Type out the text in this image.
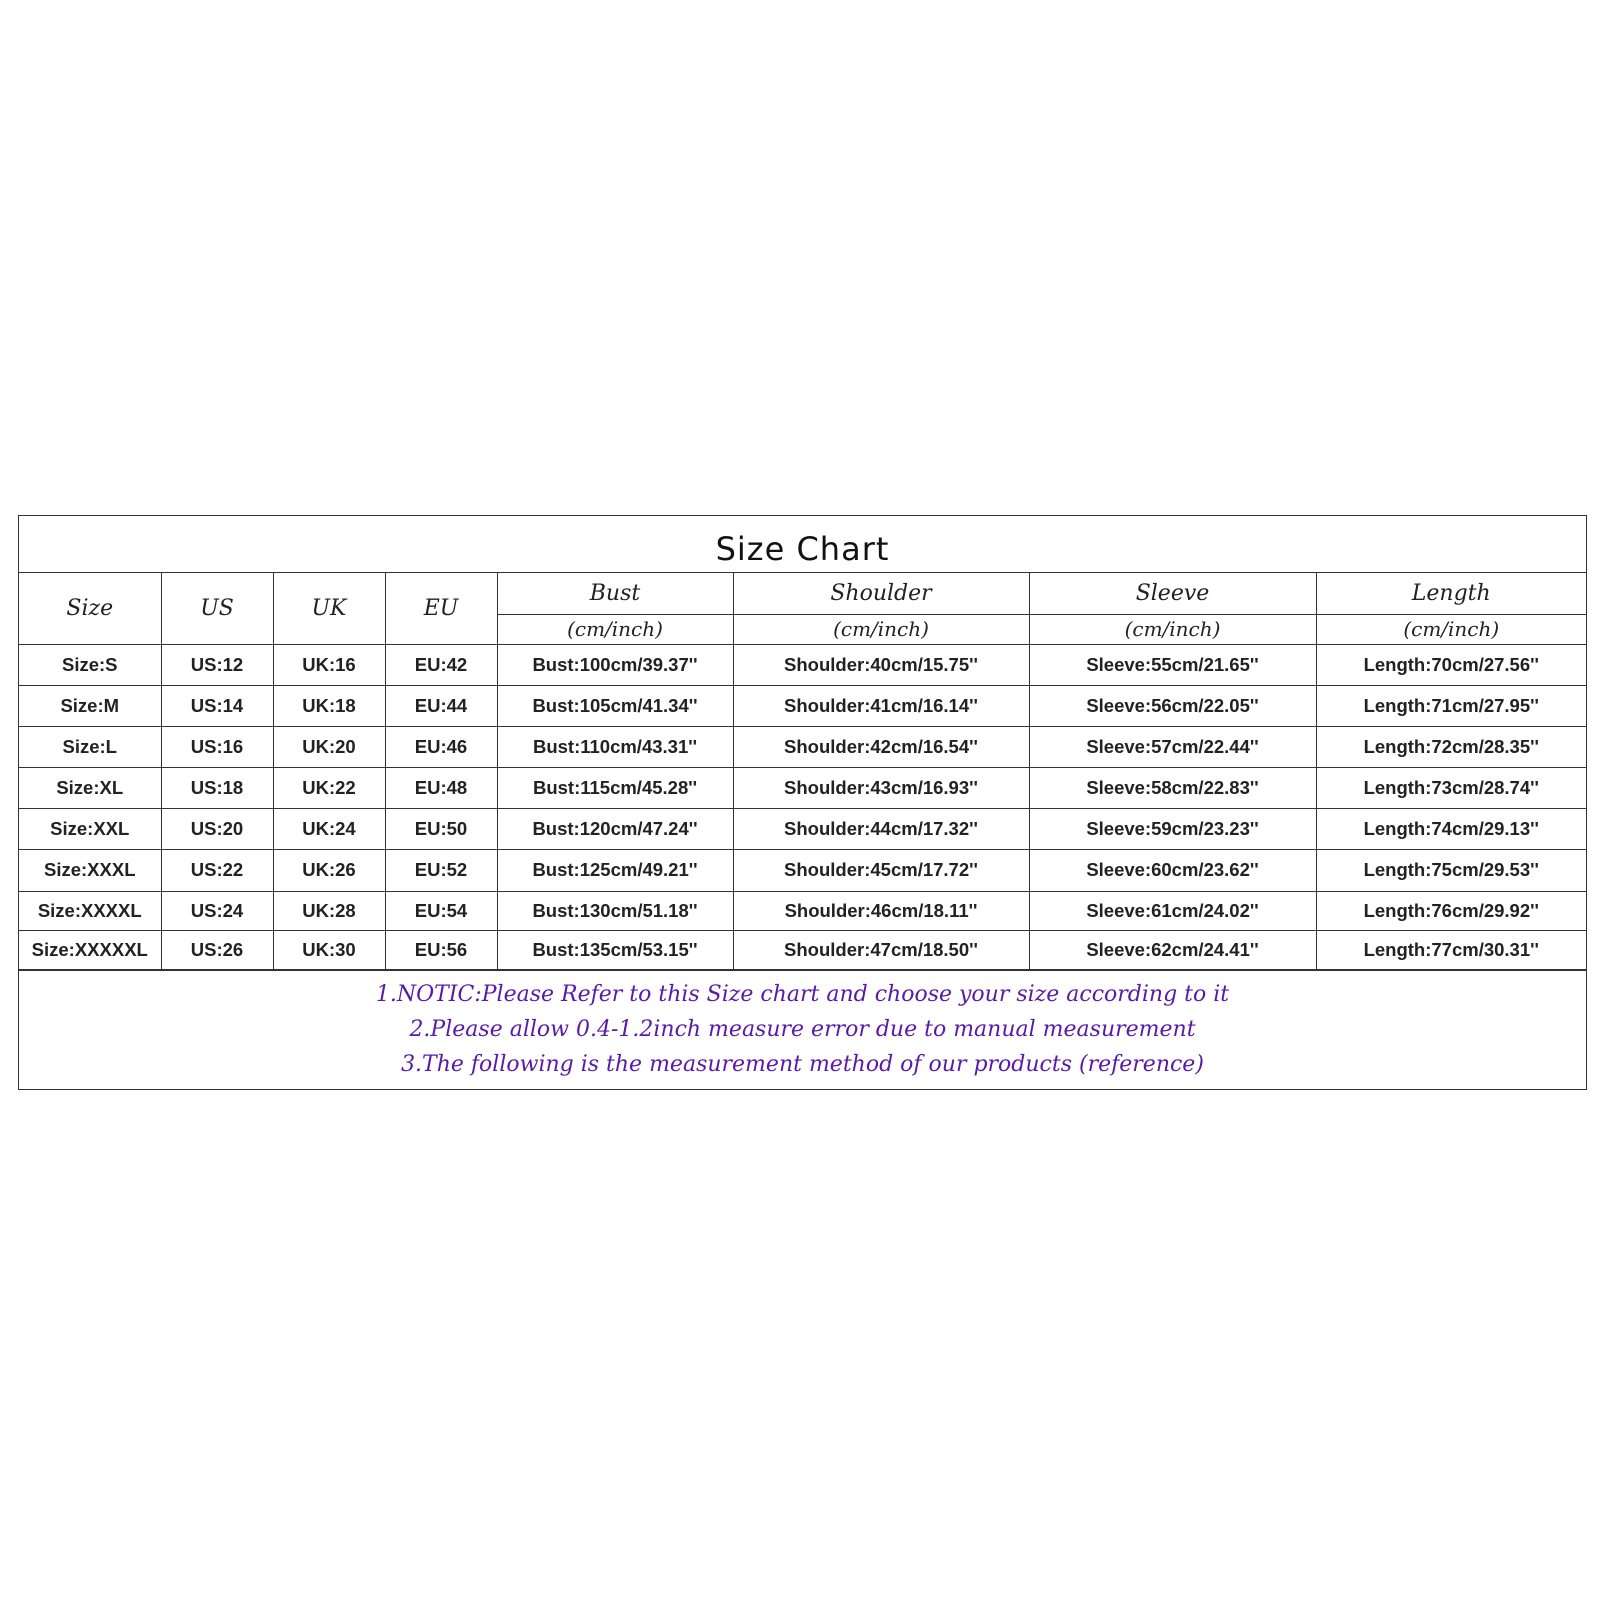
Size Chart
Size	US	UK	EU	Bust	Shoulder	Sleeve	Length
				(cm/inch)	(cm/inch)	(cm/inch)	(cm/inch)
Size:S	US:12	UK:16	EU:42	Bust:100cm/39.37''	Shoulder:40cm/15.75''	Sleeve:55cm/21.65''	Length:70cm/27.56''
Size:M	US:14	UK:18	EU:44	Bust:105cm/41.34''	Shoulder:41cm/16.14''	Sleeve:56cm/22.05''	Length:71cm/27.95''
Size:L	US:16	UK:20	EU:46	Bust:110cm/43.31''	Shoulder:42cm/16.54''	Sleeve:57cm/22.44''	Length:72cm/28.35''
Size:XL	US:18	UK:22	EU:48	Bust:115cm/45.28''	Shoulder:43cm/16.93''	Sleeve:58cm/22.83''	Length:73cm/28.74''
Size:XXL	US:20	UK:24	EU:50	Bust:120cm/47.24''	Shoulder:44cm/17.32''	Sleeve:59cm/23.23''	Length:74cm/29.13''
Size:XXXL	US:22	UK:26	EU:52	Bust:125cm/49.21''	Shoulder:45cm/17.72''	Sleeve:60cm/23.62''	Length:75cm/29.53''
Size:XXXXL	US:24	UK:28	EU:54	Bust:130cm/51.18''	Shoulder:46cm/18.11''	Sleeve:61cm/24.02''	Length:76cm/29.92''
Size:XXXXXL	US:26	UK:30	EU:56	Bust:135cm/53.15''	Shoulder:47cm/18.50''	Sleeve:62cm/24.41''	Length:77cm/30.31''
1.NOTIC:Please Refer to this Size chart and choose your size according to it
2.Please allow 0.4-1.2inch measure error due to manual measurement
3.The following is the measurement method of our products (reference)
